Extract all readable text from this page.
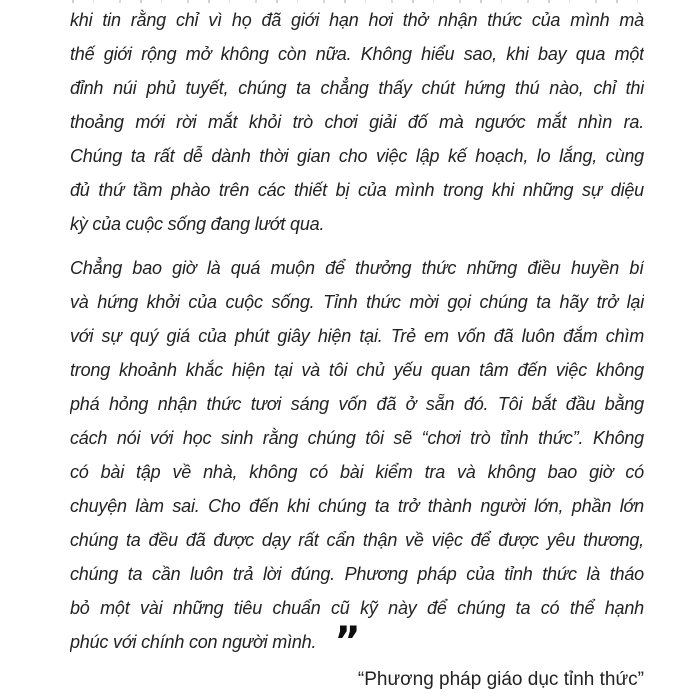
khi tin rằng chỉ vì họ đã giới hạn hơi thở nhận thức của mình mà
thế giới rộng mở không còn nữa. Không hiểu sao, khi bay qua một
đỉnh núi phủ tuyết, chúng ta chẳng thấy chút hứng thú nào, chỉ thi
thoảng mới rời mắt khỏi trò chơi giải đố mà ngước mắt nhìn ra.
Chúng ta rất dễ dành thời gian cho việc lập kế hoạch, lo lắng, cùng
đủ thứ tầm phào trên các thiết bị của mình trong khi những sự diệu
kỳ của cuộc sống đang lướt qua.
Chẳng bao giờ là quá muộn để thưởng thức những điều huyền bí
và hứng khởi của cuộc sống. Tỉnh thức mời gọi chúng ta hãy trở lại
với sự quý giá của phút giây hiện tại. Trẻ em vốn đã luôn đắm chìm
trong khoảnh khắc hiện tại và tôi chủ yếu quan tâm đến việc không
phá hỏng nhận thức tươi sáng vốn đã ở sẵn đó. Tôi bắt đầu bằng
cách nói với học sinh rằng chúng tôi sẽ “chơi trò tỉnh thức”. Không
có bài tập về nhà, không có bài kiểm tra và không bao giờ có
chuyện làm sai. Cho đến khi chúng ta trở thành người lớn, phần lớn
chúng ta đều đã được dạy rất cẩn thận về việc để được yêu thương,
chúng ta cần luôn trả lời đúng. Phương pháp của tỉnh thức là tháo
bỏ một vài những tiêu chuẩn cũ kỹ này để chúng ta có thể hạnh
phúc với chính con người mình. ”
“Phương pháp giáo dục tỉnh thức”
